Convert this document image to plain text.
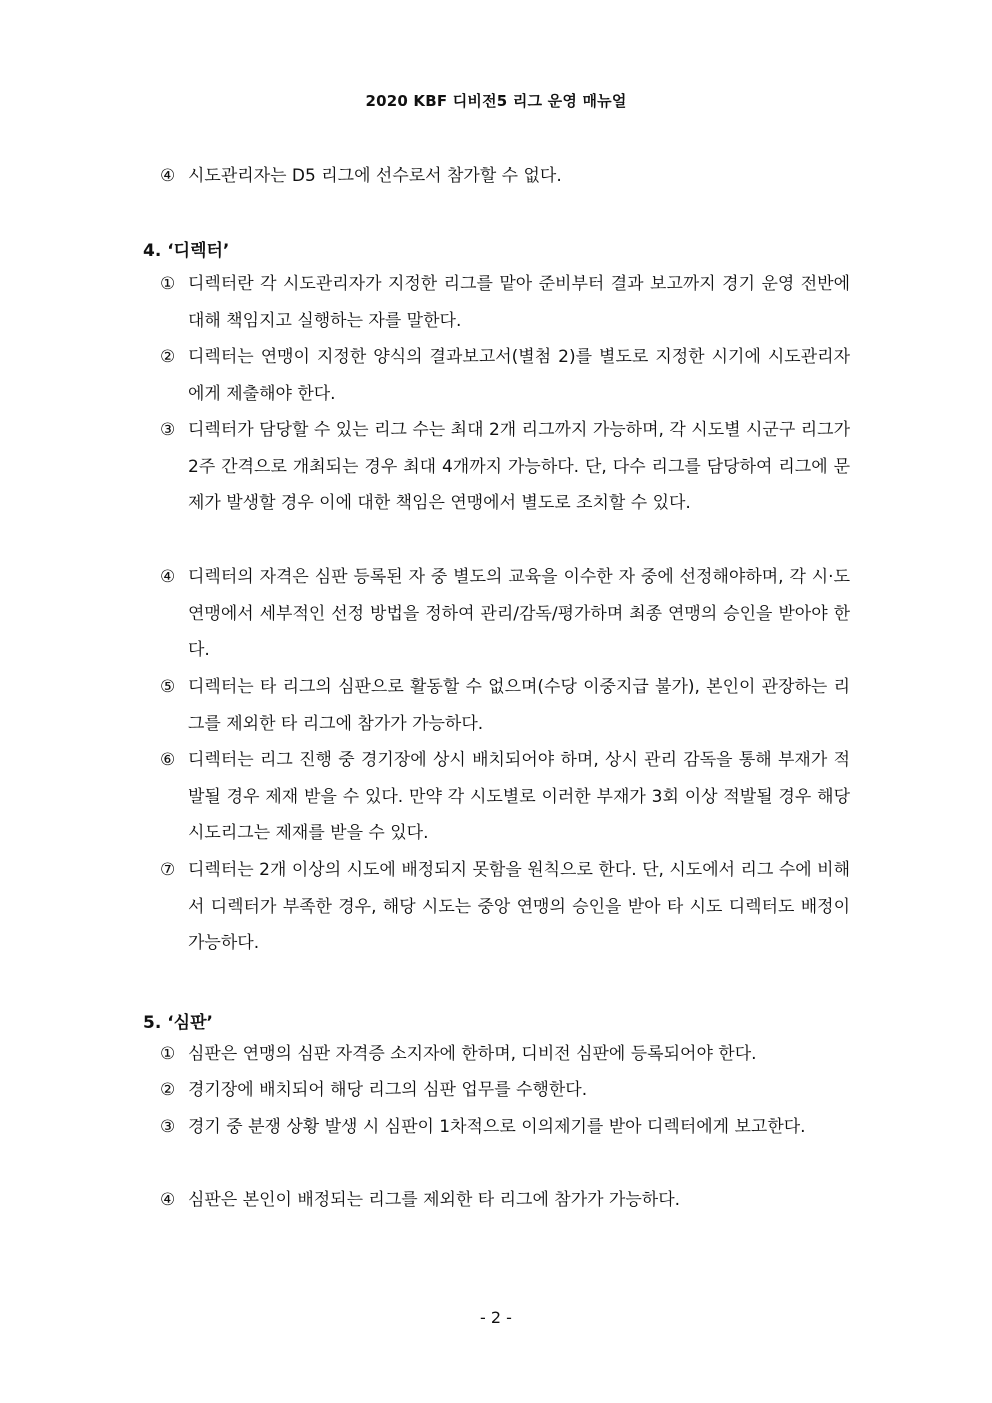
2020 KBF 디비전5 리그 운영 매뉴얼
④ 시도관리자는 D5 리그에 선수로서 참가할 수 없다.
4. ‘디렉터’
① 디렉터란 각 시도관리자가 지정한 리그를 맡아 준비부터 결과 보고까지 경기 운영 전반에 대해 책임지고 실행하는 자를 말한다.
② 디렉터는 연맹이 지정한 양식의 결과보고서(별첨 2)를 별도로 지정한 시기에 시도관리자에게 제출해야 한다.
③ 디렉터가 담당할 수 있는 리그 수는 최대 2개 리그까지 가능하며, 각 시도별 시군구 리그가 2주 간격으로 개최되는 경우 최대 4개까지 가능하다. 단, 다수 리그를 담당하여 리그에 문제가 발생할 경우 이에 대한 책임은 연맹에서 별도로 조치할 수 있다.
④ 디렉터의 자격은 심판 등록된 자 중 별도의 교육을 이수한 자 중에 선정해야하며, 각 시·도 연맹에서 세부적인 선정 방법을 정하여 관리/감독/평가하며 최종 연맹의 승인을 받아야 한다.
⑤ 디렉터는 타 리그의 심판으로 활동할 수 없으며(수당 이중지급 불가), 본인이 관장하는 리그를 제외한 타 리그에 참가가 가능하다.
⑥ 디렉터는 리그 진행 중 경기장에 상시 배치되어야 하며, 상시 관리 감독을 통해 부재가 적발될 경우 제재 받을 수 있다. 만약 각 시도별로 이러한 부재가 3회 이상 적발될 경우 해당 시도리그는 제재를 받을 수 있다.
⑦ 디렉터는 2개 이상의 시도에 배정되지 못함을 원칙으로 한다. 단, 시도에서 리그 수에 비해서 디렉터가 부족한 경우, 해당 시도는 중앙 연맹의 승인을 받아 타 시도 디렉터도 배정이 가능하다.
5. ‘심판’
① 심판은 연맹의 심판 자격증 소지자에 한하며, 디비전 심판에 등록되어야 한다.
② 경기장에 배치되어 해당 리그의 심판 업무를 수행한다.
③ 경기 중 분쟁 상황 발생 시 심판이 1차적으로 이의제기를 받아 디렉터에게 보고한다.
④ 심판은 본인이 배정되는 리그를 제외한 타 리그에 참가가 가능하다.
- 2 -
